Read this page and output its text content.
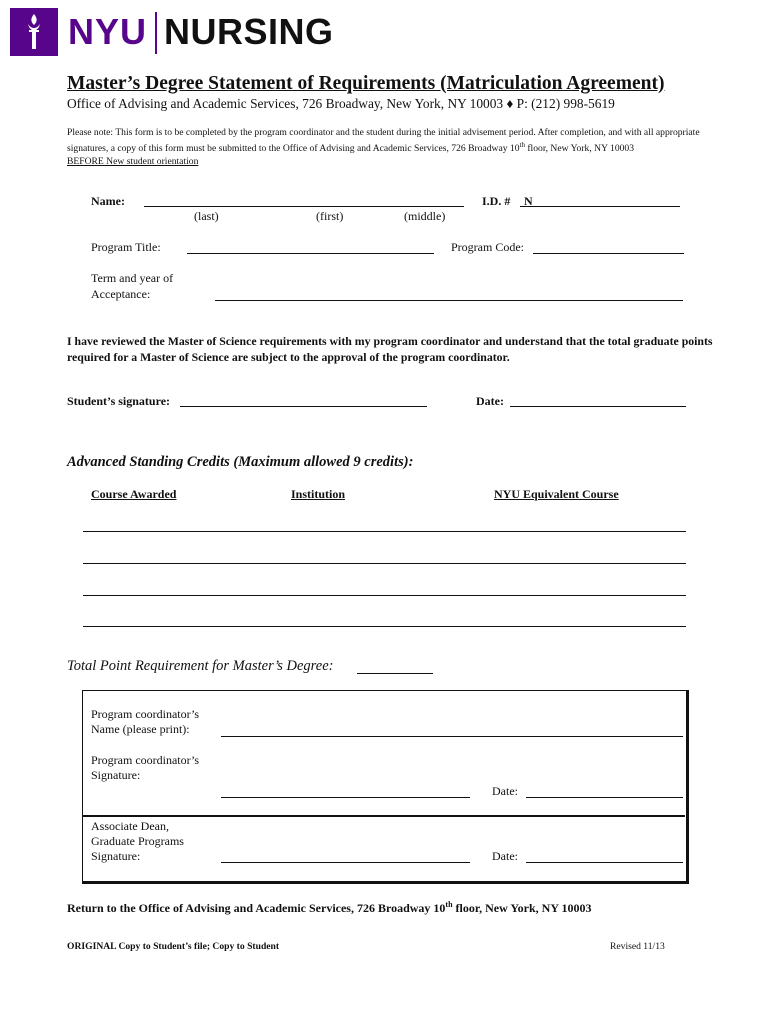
NYU NURSING
Master’s Degree Statement of Requirements (Matriculation Agreement)
Office of Advising and Academic Services, 726 Broadway, New York, NY 10003 ♦ P: (212) 998-5619
Please note: This form is to be completed by the program coordinator and the student during the initial advisement period. After completion, and with all appropriate signatures, a copy of this form must be submitted to the Office of Advising and Academic Services, 726 Broadway 10th floor, New York, NY 10003
BEFORE New student orientation
Name:
(last)	(first)	(middle)
I.D. # N
Program Title:	Program Code:
Term and year of
Acceptance:
I have reviewed the Master of Science requirements with my program coordinator and understand that the total graduate points required for a Master of Science are subject to the approval of the program coordinator.
Student’s signature:	Date:
Advanced Standing Credits (Maximum allowed 9 credits):
Course Awarded	Institution	NYU Equivalent Course
Total Point Requirement for Master’s Degree:
Program coordinator’s
Name (please print):
Program coordinator’s
Signature:
Date:
Associate Dean,
Graduate Programs
Signature:	Date:
Return to the Office of Advising and Academic Services, 726 Broadway 10th floor, New York, NY 10003
ORIGINAL Copy to Student’s file; Copy to Student	Revised 11/13
